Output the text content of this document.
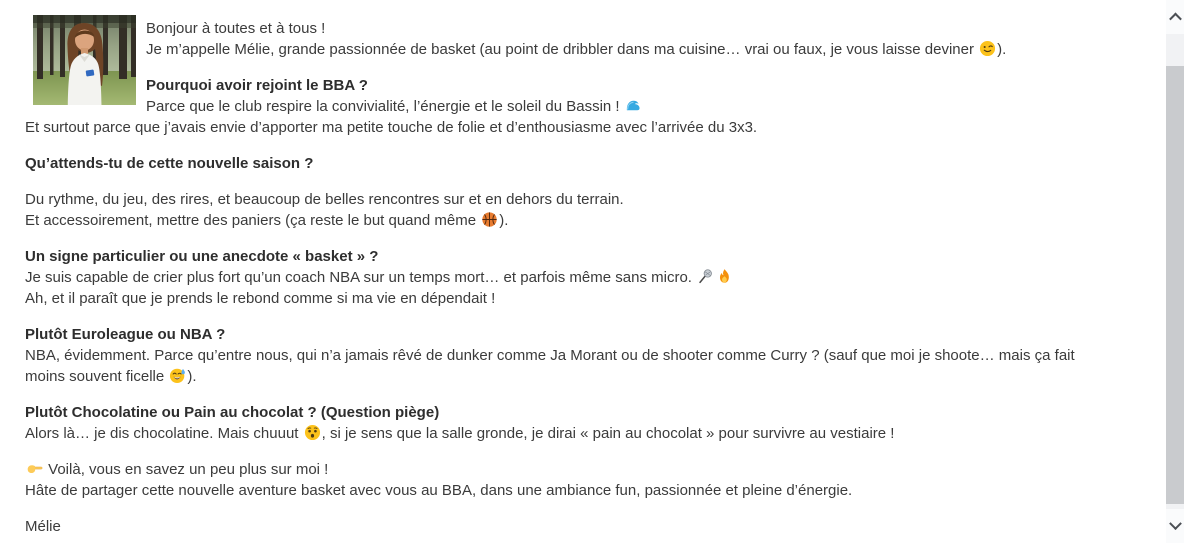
Bonjour à toutes et à tous !
Je m’appelle Mélie, grande passionnée de basket (au point de dribbler dans ma cuisine… vrai ou faux, je vous laisse deviner
).

Pourquoi avoir rejoint le BBA ?
Parce que le club respire la convivialité, l’énergie et le soleil du Bassin !
Et surtout parce que j’avais envie d’apporter ma petite touche de folie et d’enthousiasme avec l’arrivée du 3x3.

Qu’attends-tu de cette nouvelle saison ?

Du rythme, du jeu, des rires, et beaucoup de belles rencontres sur et en dehors du terrain.
Et accessoirement, mettre des paniers (ça reste le but quand même
).

Un signe particulier ou une anecdote « basket » ?
Je suis capable de crier plus fort qu’un coach NBA sur un temps mort… et parfois même sans micro.
Ah, et il paraît que je prends le rebond comme si ma vie en dépendait !

Plutôt Euroleague ou NBA ?
NBA, évidemment. Parce qu’entre nous, qui n’a jamais rêvé de dunker comme Ja Morant ou de shooter comme Curry ? (sauf que moi je shoote… mais ça fait
moins souvent ficelle
).

Plutôt Chocolatine ou Pain au chocolat ? (Question piège)
Alors là… je dis chocolatine. Mais chuuut
, si je sens que la salle gronde, je dirai « pain au chocolat » pour survivre au vestiaire !

Voilà, vous en savez un peu plus sur moi !
Hâte de partager cette nouvelle aventure basket avec vous au BBA, dans une ambiance fun, passionnée et pleine d’énergie.

Mélie
